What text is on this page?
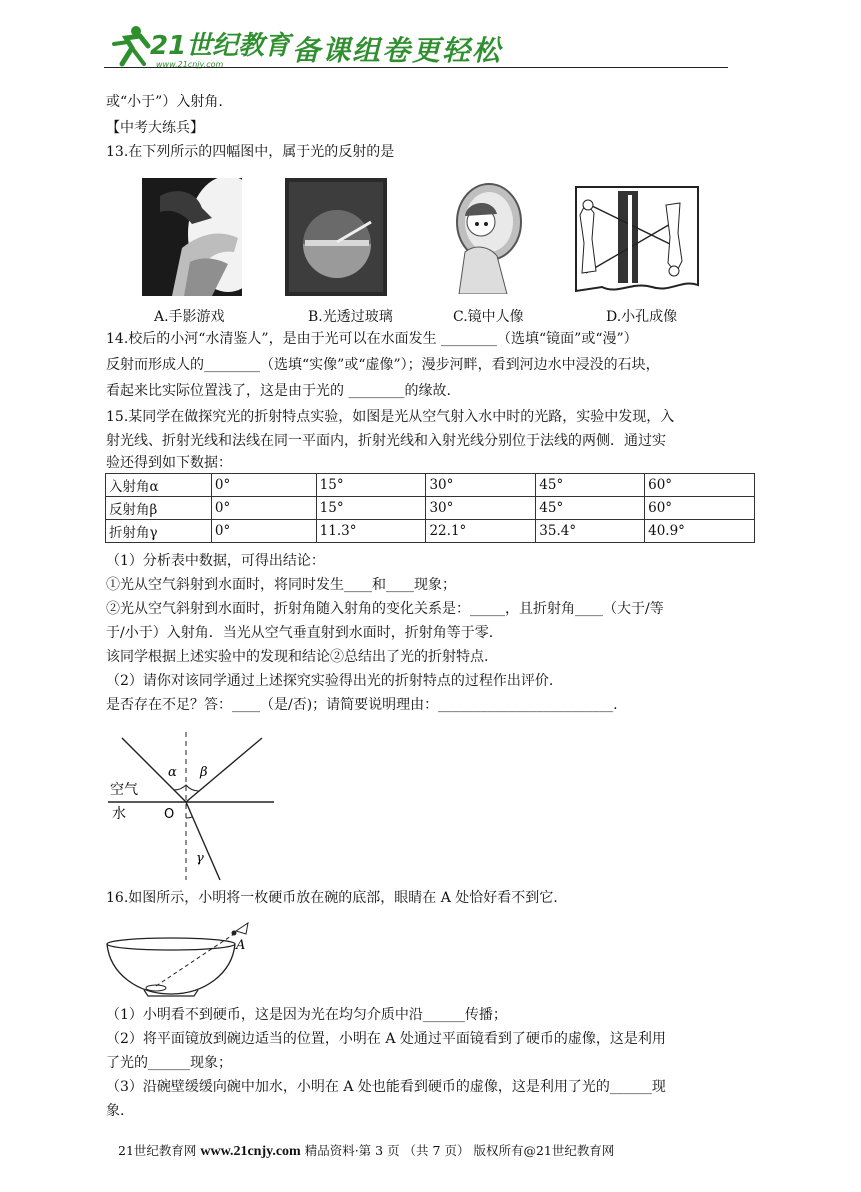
21世纪教育
www.21cnjy.com 备课组卷更轻松
或“小于”）入射角.
【中考大练兵】
13.在下列所示的四幅图中，属于光的反射的是
A.手影游戏	B.光透过玻璃	C.镜中人像	D.小孔成像
14.校后的小河“水清鉴人”，是由于光可以在水面发生 ________（选填“镜面”或“漫”）
反射而形成人的________（选填“实像”或“虚像”）；漫步河畔，看到河边水中浸没的石块，
看起来比实际位置浅了，这是由于光的 ________的缘故.
15.某同学在做探究光的折射特点实验，如图是光从空气射入水中时的光路，实验中发现，入
射光线、折射光线和法线在同一平面内，折射光线和入射光线分别位于法线的两侧．通过实
验还得到如下数据：
入射角α	0°	15°	30°	45°	60°
反射角β	0°	15°	30°	45°	60°
折射角γ	0°	11.3°	22.1°	35.4°	40.9°
（1）分析表中数据，可得出结论：
①光从空气斜射到水面时，将同时发生____和____现象；
②光从空气斜射到水面时，折射角随入射角的变化关系是：_____，且折射角____（大于/等
于/小于）入射角．当光从空气垂直射到水面时，折射角等于零.
该同学根据上述实验中的发现和结论②总结出了光的折射特点.
（2）请你对该同学通过上述探究实验得出光的折射特点的过程作出评价.
是否存在不足？答：____（是/否)；请简要说明理由：_________________________.
α β
γ
空气
水	O
16.如图所示，小明将一枚硬币放在碗的底部，眼睛在 A 处恰好看不到它.
A
（1）小明看不到硬币，这是因为光在均匀介质中沿______传播；
（2）将平面镜放到碗边适当的位置，小明在 A 处通过平面镜看到了硬币的虚像，这是利用
了光的______现象；
（3）沿碗壁缓缓向碗中加水，小明在 A 处也能看到硬币的虚像，这是利用了光的______现
象.
21世纪教育网 www.21cnjy.com 精品资料·第 3 页 （共 7 页） 版权所有@21世纪教育网
